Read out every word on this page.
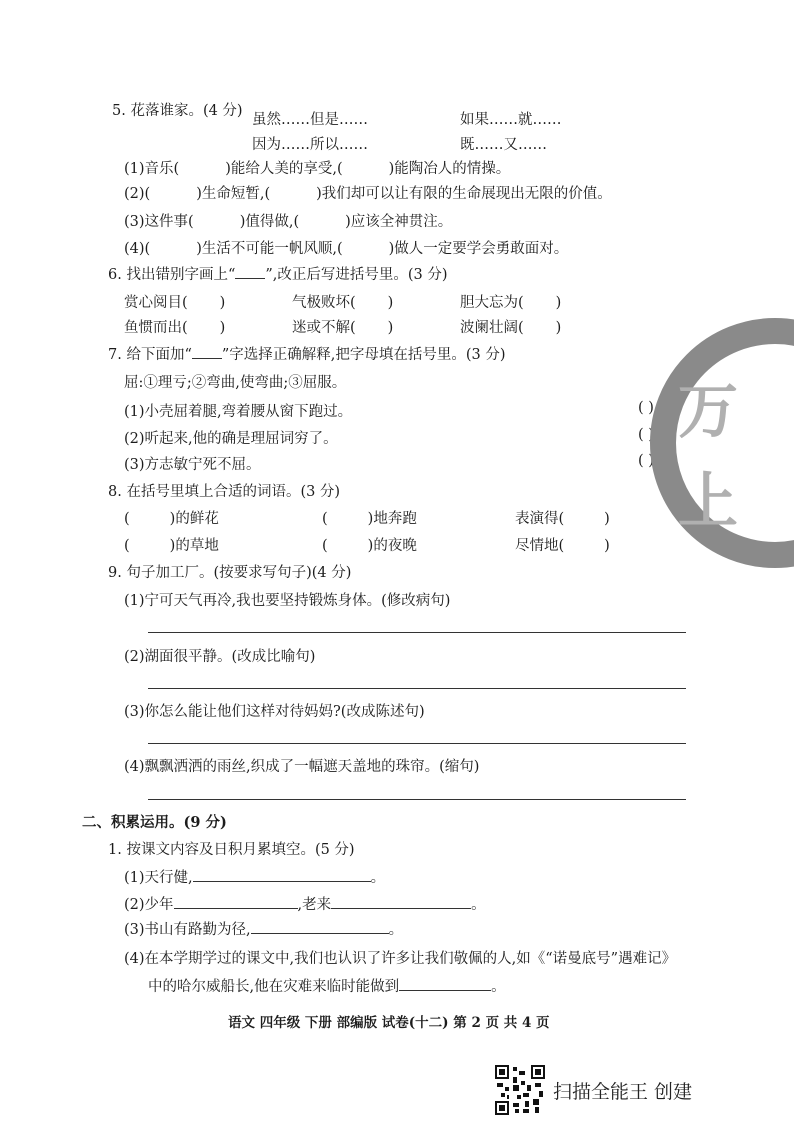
5. 花落谁家。(4 分)
虽然……但是……	如果……就……
因为……所以……	既……又……
(1)音乐(	)能给人美的享受,(	)能陶冶人的情操。
(2)(	)生命短暂,(	)我们却可以让有限的生命展现出无限的价值。
(3)这件事(	)值得做,(	)应该全神贯注。
(4)(	)生活不可能一帆风顺,(	)做人一定要学会勇敢面对。
6. 找出错别字画上“ ”,改正后写进括号里。(3 分)
赏心阅目( )	气极败坏( )	胆大忘为( )
鱼惯而出( )	迷或不解( )	波阑壮阔( )
7. 给下面加“ ”字选择正确解释,把字母填在括号里。(3 分)
屈:①理亏;②弯曲,使弯曲;③屈服。
(1)小壳屈着腿,弯着腰从窗下跑过。
(2)听起来,他的确是理屈词穷了。
(3)方志敏宁死不屈。
( )
( )
( )
8. 在括号里填上合适的词语。(3 分)
(	)的鲜花	(	)地奔跑	表演得(	)
(	)的草地	(	)的夜晚	尽情地(	)
9. 句子加工厂。(按要求写句子)(4 分)
(1)宁可天气再冷,我也要坚持锻炼身体。(修改病句)
(2)湖面很平静。(改成比喻句)
(3)你怎么能让他们这样对待妈妈?(改成陈述句)
(4)飘飘洒洒的雨丝,织成了一幅遮天盖地的珠帘。(缩句)
二、积累运用。(9 分)
1. 按课文内容及日积月累填空。(5 分)
(1)天行健,	。
(2)少年	,老来	。
(3)书山有路勤为径,	。
(4)在本学期学过的课文中,我们也认识了许多让我们敬佩的人,如《“诺曼底号”遇难记》
中的哈尔威船长,他在灾难来临时能做到	。
语文 四年级 下册 部编版 试卷(十二) 第 2 页 共 4 页
万
上
扫描全能王 创建
